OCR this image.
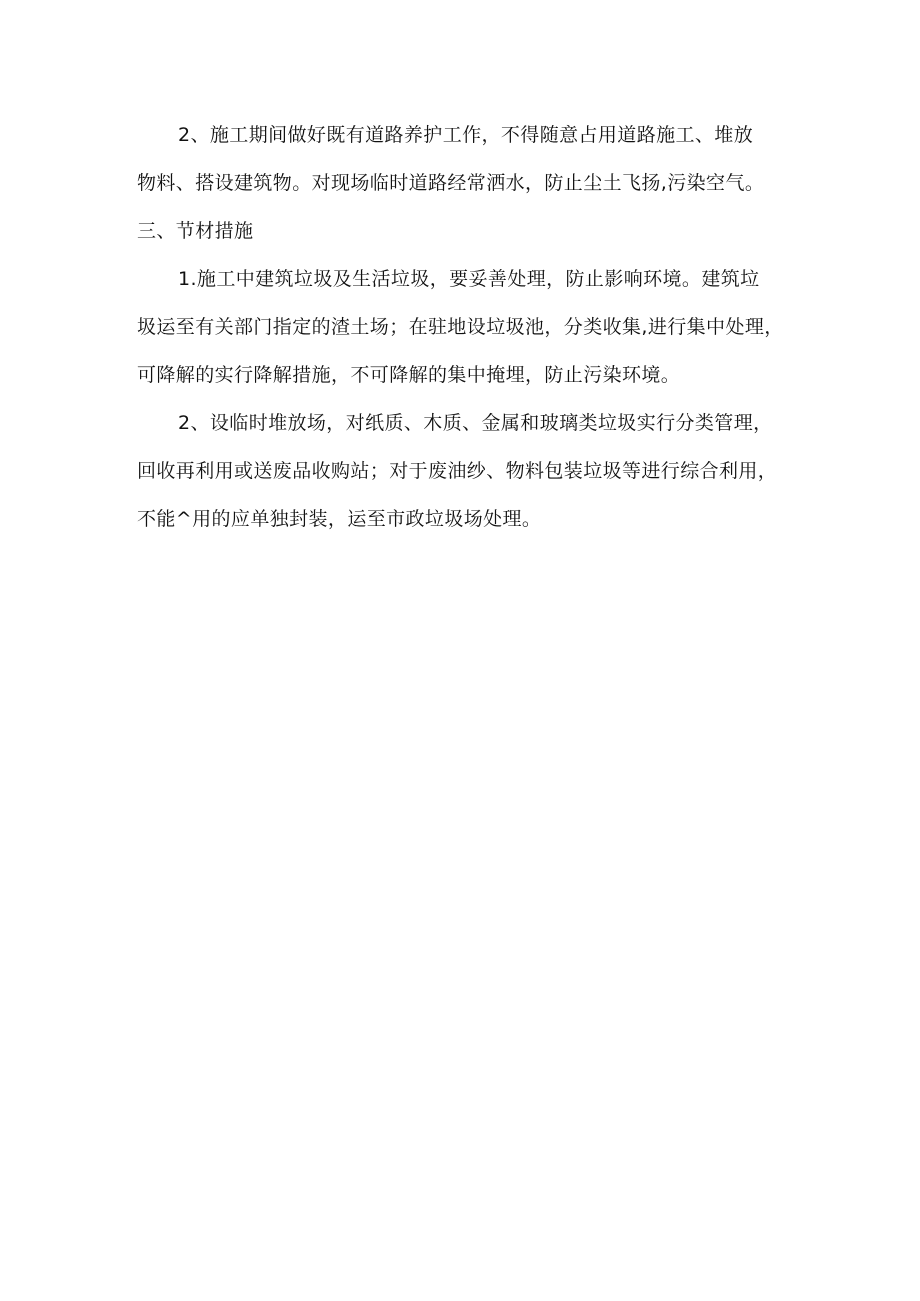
2、施工期间做好既有道路养护工作，不得随意占用道路施工、堆放
物料、搭设建筑物。对现场临时道路经常洒水，防止尘土飞扬,污染空气。
三、节材措施
1.施工中建筑垃圾及生活垃圾，要妥善处理，防止影响环境。建筑垃
圾运至有关部门指定的渣土场；在驻地设垃圾池，分类收集,进行集中处理，
可降解的实行降解措施，不可降解的集中掩埋，防止污染环境。
2、设临时堆放场，对纸质、木质、金属和玻璃类垃圾实行分类管理，
回收再利用或送废品收购站；对于废油纱、物料包装垃圾等进行综合利用，
不能^用的应单独封装，运至市政垃圾场处理。
